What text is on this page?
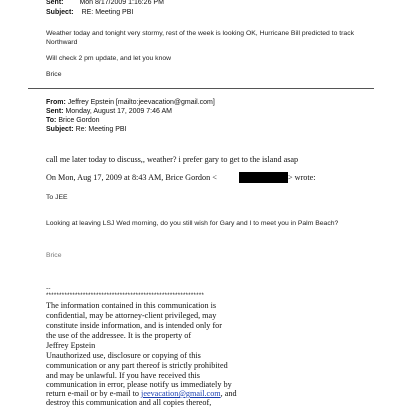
Sent: Mon 8/17/2009 1:16:26 PM
Subject: RE: Meeting PBI
Weather today and tonight very stormy, rest of the week is looking OK, Hurricane Bill predicted to track
Northward
Will check 2 pm update, and let you know
Brice
From: Jeffrey Epstein [mailto:jeevacation@gmail.com]
Sent: Monday, August 17, 2009 7:46 AM
To: Brice Gordon
Subject: Re: Meeting PBI
call me later today to discuss,, weather? i prefer gary to get to the island asap
On Mon, Aug 17, 2009 at 8:43 AM, Brice Gordon <	> wrote:
To JEE
Looking at leaving LSJ Wed morning, do you still wish for Gary and I to meet you in Palm Beach?
Brice
--
************************************************************
The information contained in this communication is
confidential, may be attorney-client privileged, may
constitute inside information, and is intended only for
the use of the addressee. It is the property of
Jeffrey Epstein
Unauthorized use, disclosure or copying of this
communication or any part thereof is strictly prohibited
and may be unlawful. If you have received this
communication in error, please notify us immediately by
return e-mail or by e-mail to jeevacation@gmail.com, and
destroy this communication and all copies thereof,
